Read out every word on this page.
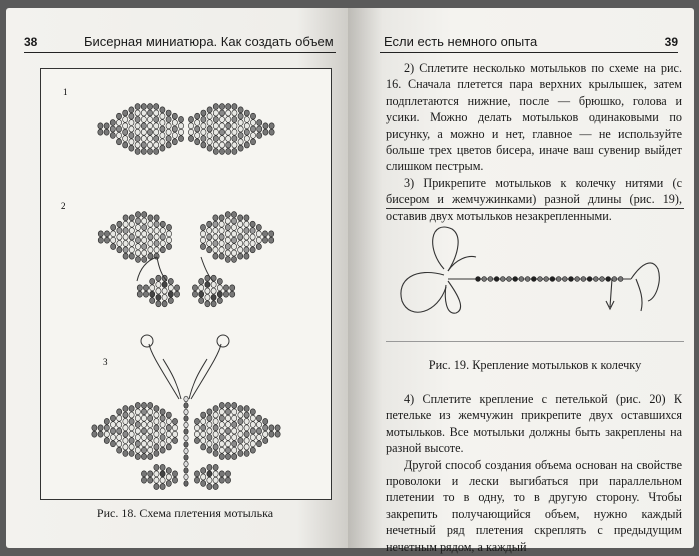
38	Бисерная миниатюра. Как создать объем
1
2
3
Рис. 18. Схема плетения мотылька
Если есть немного опыта	39

2) Сплетите несколько мотыльков по схеме на рис. 16. Сначала плетется пара верхних крылышек, затем подплетаются нижние, после — брюшко, голова и усики. Можно делать мотыльков одинаковыми по рисунку, а можно и нет, главное — не используйте больше трех цветов бисера, иначе ваш сувенир выйдет слишком пестрым.

3) Прикрепите мотыльков к колечку нитями (с бисером и жемчужинками) разной длины (рис. 19), оставив двух мотыльков незакрепленными.

Рис. 19. Крепление мотыльков к колечку

4) Сплетите крепление с петелькой (рис. 20) К петельке из жемчужин прикрепите двух оставшихся мотыльков. Все мотыльки должны быть закреплены на разной высоте.

Другой способ создания объема основан на свойстве проволоки и лески выгибаться при параллельном плетении то в одну, то в другую сторону. Чтобы закрепить получающийся объем, нужно каждый нечетный ряд плетения скреплять с предыдущим нечетным рядом, а каждый
